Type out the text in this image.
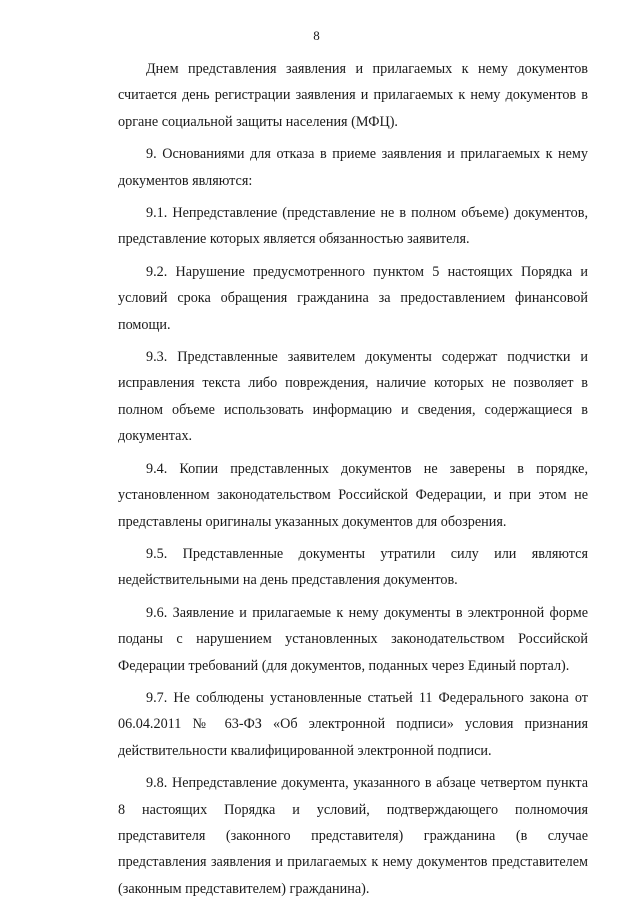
8

Днем представления заявления и прилагаемых к нему документов считается день регистрации заявления и прилагаемых к нему документов в органе социальной защиты населения (МФЦ).

9. Основаниями для отказа в приеме заявления и прилагаемых к нему документов являются:

9.1. Непредставление (представление не в полном объеме) документов, представление которых является обязанностью заявителя.

9.2. Нарушение предусмотренного пунктом 5 настоящих Порядка и условий срока обращения гражданина за предоставлением финансовой помощи.

9.3. Представленные заявителем документы содержат подчистки и исправления текста либо повреждения, наличие которых не позволяет в полном объеме использовать информацию и сведения, содержащиеся в документах.

9.4. Копии представленных документов не заверены в порядке, установленном законодательством Российской Федерации, и при этом не представлены оригиналы указанных документов для обозрения.

9.5. Представленные документы утратили силу или являются недействительными на день представления документов.

9.6. Заявление и прилагаемые к нему документы в электронной форме поданы с нарушением установленных законодательством Российской Федерации требований (для документов, поданных через Единый портал).

9.7. Не соблюдены установленные статьей 11 Федерального закона от 06.04.2011 № 63-ФЗ «Об электронной подписи» условия признания действительности квалифицированной электронной подписи.

9.8. Непредставление документа, указанного в абзаце четвертом пункта 8 настоящих Порядка и условий, подтверждающего полномочия представителя (законного представителя) гражданина (в случае представления заявления и прилагаемых к нему документов представителем (законным представителем) гражданина).
